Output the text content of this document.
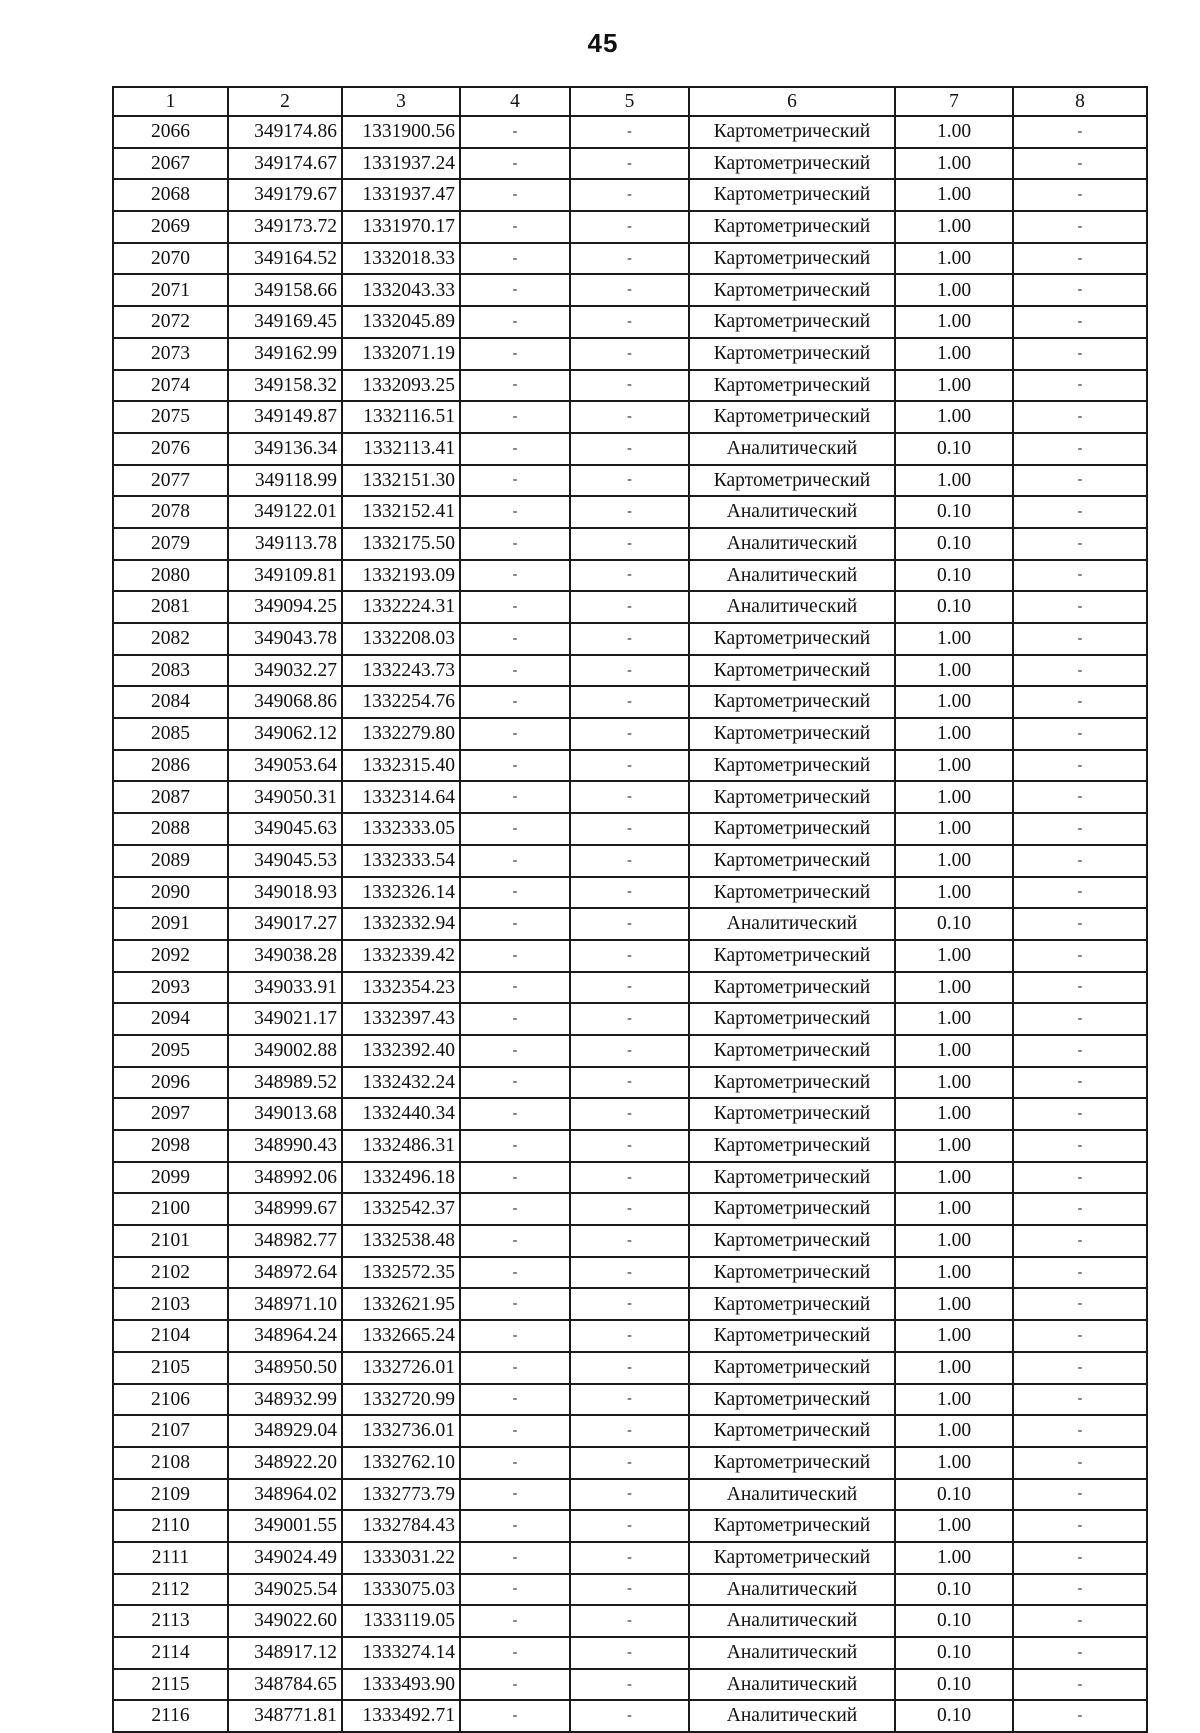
45
1	2	3	4	5	6	7	8
2066	349174.86	1331900.56	-	-	Картометрический	1.00	-
2067	349174.67	1331937.24	-	-	Картометрический	1.00	-
2068	349179.67	1331937.47	-	-	Картометрический	1.00	-
2069	349173.72	1331970.17	-	-	Картометрический	1.00	-
2070	349164.52	1332018.33	-	-	Картометрический	1.00	-
2071	349158.66	1332043.33	-	-	Картометрический	1.00	-
2072	349169.45	1332045.89	-	-	Картометрический	1.00	-
2073	349162.99	1332071.19	-	-	Картометрический	1.00	-
2074	349158.32	1332093.25	-	-	Картометрический	1.00	-
2075	349149.87	1332116.51	-	-	Картометрический	1.00	-
2076	349136.34	1332113.41	-	-	Аналитический	0.10	-
2077	349118.99	1332151.30	-	-	Картометрический	1.00	-
2078	349122.01	1332152.41	-	-	Аналитический	0.10	-
2079	349113.78	1332175.50	-	-	Аналитический	0.10	-
2080	349109.81	1332193.09	-	-	Аналитический	0.10	-
2081	349094.25	1332224.31	-	-	Аналитический	0.10	-
2082	349043.78	1332208.03	-	-	Картометрический	1.00	-
2083	349032.27	1332243.73	-	-	Картометрический	1.00	-
2084	349068.86	1332254.76	-	-	Картометрический	1.00	-
2085	349062.12	1332279.80	-	-	Картометрический	1.00	-
2086	349053.64	1332315.40	-	-	Картометрический	1.00	-
2087	349050.31	1332314.64	-	-	Картометрический	1.00	-
2088	349045.63	1332333.05	-	-	Картометрический	1.00	-
2089	349045.53	1332333.54	-	-	Картометрический	1.00	-
2090	349018.93	1332326.14	-	-	Картометрический	1.00	-
2091	349017.27	1332332.94	-	-	Аналитический	0.10	-
2092	349038.28	1332339.42	-	-	Картометрический	1.00	-
2093	349033.91	1332354.23	-	-	Картометрический	1.00	-
2094	349021.17	1332397.43	-	-	Картометрический	1.00	-
2095	349002.88	1332392.40	-	-	Картометрический	1.00	-
2096	348989.52	1332432.24	-	-	Картометрический	1.00	-
2097	349013.68	1332440.34	-	-	Картометрический	1.00	-
2098	348990.43	1332486.31	-	-	Картометрический	1.00	-
2099	348992.06	1332496.18	-	-	Картометрический	1.00	-
2100	348999.67	1332542.37	-	-	Картометрический	1.00	-
2101	348982.77	1332538.48	-	-	Картометрический	1.00	-
2102	348972.64	1332572.35	-	-	Картометрический	1.00	-
2103	348971.10	1332621.95	-	-	Картометрический	1.00	-
2104	348964.24	1332665.24	-	-	Картометрический	1.00	-
2105	348950.50	1332726.01	-	-	Картометрический	1.00	-
2106	348932.99	1332720.99	-	-	Картометрический	1.00	-
2107	348929.04	1332736.01	-	-	Картометрический	1.00	-
2108	348922.20	1332762.10	-	-	Картометрический	1.00	-
2109	348964.02	1332773.79	-	-	Аналитический	0.10	-
2110	349001.55	1332784.43	-	-	Картометрический	1.00	-
2111	349024.49	1333031.22	-	-	Картометрический	1.00	-
2112	349025.54	1333075.03	-	-	Аналитический	0.10	-
2113	349022.60	1333119.05	-	-	Аналитический	0.10	-
2114	348917.12	1333274.14	-	-	Аналитический	0.10	-
2115	348784.65	1333493.90	-	-	Аналитический	0.10	-
2116	348771.81	1333492.71	-	-	Аналитический	0.10	-
